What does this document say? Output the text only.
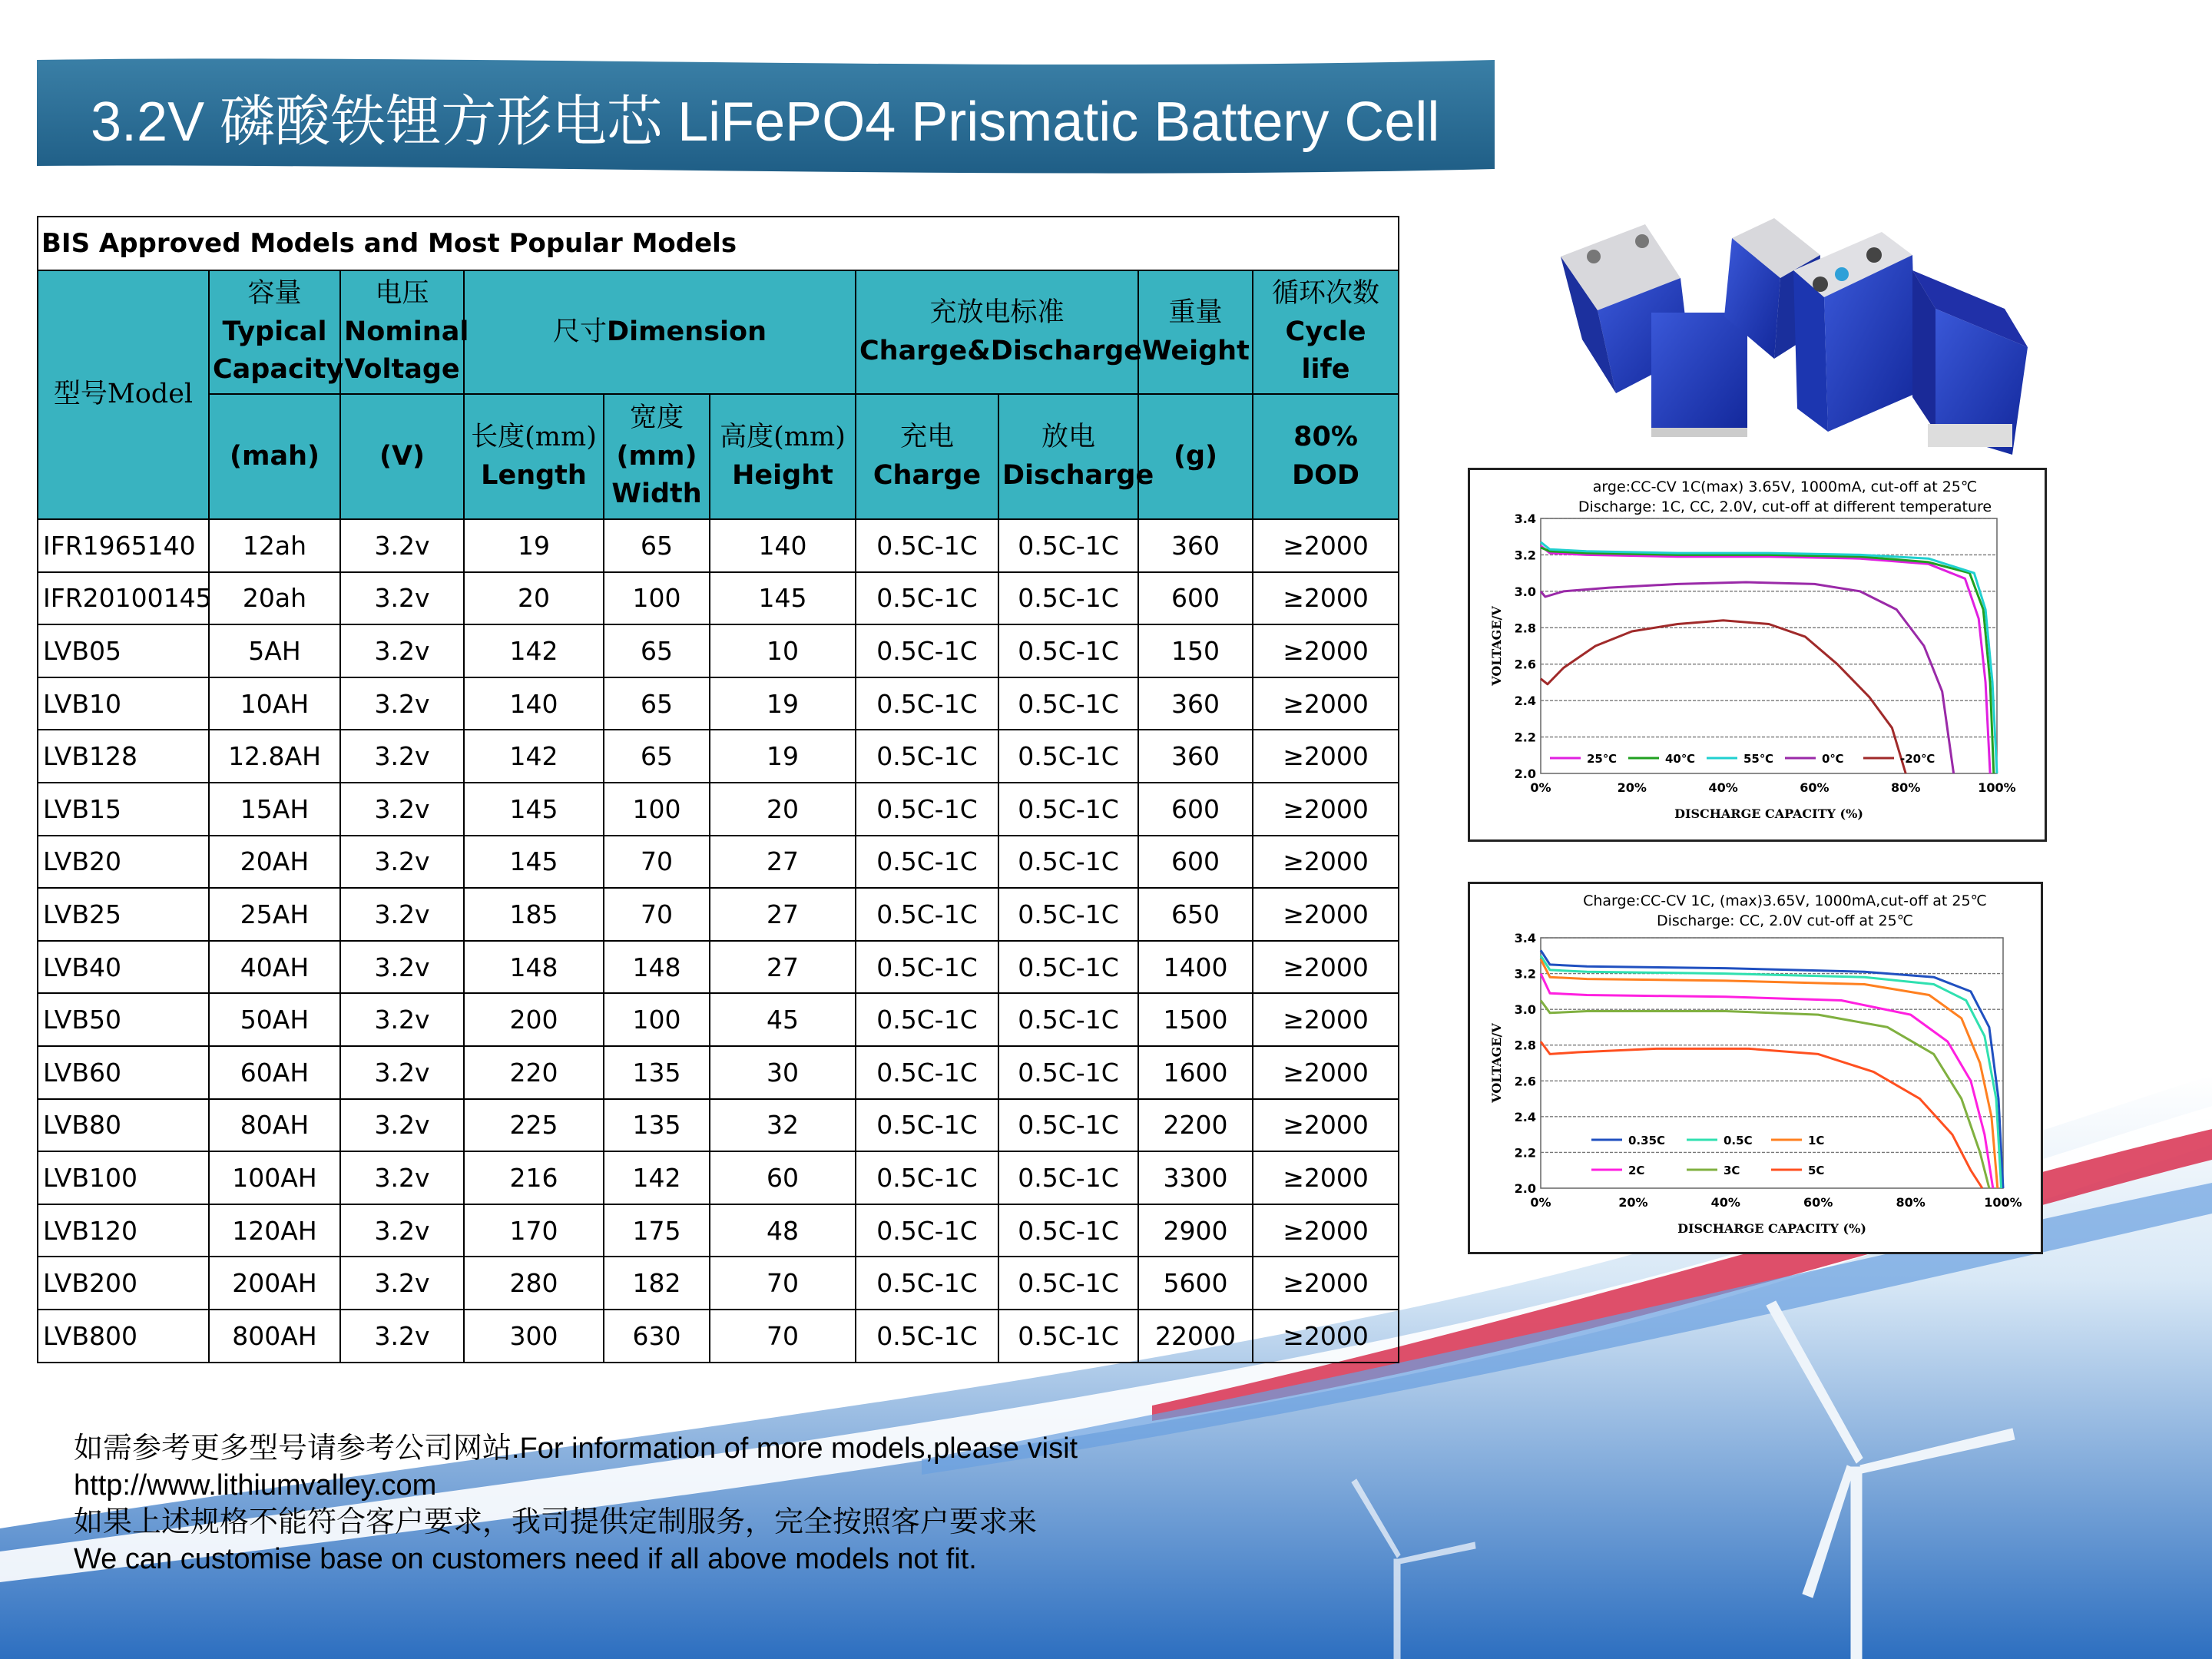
3.2V 磷酸铁锂方形电芯 LiFePO4 Prismatic Battery Cell
arge:CC-CV 1C(max) 3.65V, 1000mA, cut-off at 25℃
Discharge: 1C, CC, 2.0V, cut-off at different temperature
2.0
2.2
2.4
2.6
2.8
3.0
3.2
3.4
0%	20%	40%	60%	80%	100%
DISCHARGE CAPACITY (%)
VOLTAGE/V
25℃	40℃	55℃	0℃	-20℃
Charge:CC-CV 1C, (max)3.65V, 1000mA,cut-off at 25℃
Discharge: CC, 2.0V cut-off at 25℃
2.0
2.2
2.4
2.6
2.8
3.0
3.2
3.4
0%	20%	40%	60%	80%	100%
DISCHARGE CAPACITY (%)
VOLTAGE/V
0.35C	0.5C	1C
2C	3C	5C
BIS Approved Models and Most Popular Models									
型号Model	容量
Typical
Capacity	电压
Nominal
Voltage	尺寸Dimension			充放电标准
Charge&Discharge		重量
Weight	循环次数
Cycle life
	(mah)	(V)	长度(mm)
Length	宽度
(mm)
Width	高度(mm)
Height	充电
Charge	放电
Discharge	(g)	80% DOD
IFR1965140	12ah	3.2v	19	65	140	0.5C-1C	0.5C-1C	360	≥2000
IFR20100145	20ah	3.2v	20	100	145	0.5C-1C	0.5C-1C	600	≥2000
LVB05	5AH	3.2v	142	65	10	0.5C-1C	0.5C-1C	150	≥2000
LVB10	10AH	3.2v	140	65	19	0.5C-1C	0.5C-1C	360	≥2000
LVB128	12.8AH	3.2v	142	65	19	0.5C-1C	0.5C-1C	360	≥2000
LVB15	15AH	3.2v	145	100	20	0.5C-1C	0.5C-1C	600	≥2000
LVB20	20AH	3.2v	145	70	27	0.5C-1C	0.5C-1C	600	≥2000
LVB25	25AH	3.2v	185	70	27	0.5C-1C	0.5C-1C	650	≥2000
LVB40	40AH	3.2v	148	148	27	0.5C-1C	0.5C-1C	1400	≥2000
LVB50	50AH	3.2v	200	100	45	0.5C-1C	0.5C-1C	1500	≥2000
LVB60	60AH	3.2v	220	135	30	0.5C-1C	0.5C-1C	1600	≥2000
LVB80	80AH	3.2v	225	135	32	0.5C-1C	0.5C-1C	2200	≥2000
LVB100	100AH	3.2v	216	142	60	0.5C-1C	0.5C-1C	3300	≥2000
LVB120	120AH	3.2v	170	175	48	0.5C-1C	0.5C-1C	2900	≥2000
LVB200	200AH	3.2v	280	182	70	0.5C-1C	0.5C-1C	5600	≥2000
LVB800	800AH	3.2v	300	630	70	0.5C-1C	0.5C-1C	22000	≥2000
如需参考更多型号请参考公司网站.For information of more models,please visit
http://www.lithiumvalley.com
如果上述规格不能符合客户要求，我司提供定制服务，完全按照客户要求来
We can customise base on customers need if all above models not fit.
